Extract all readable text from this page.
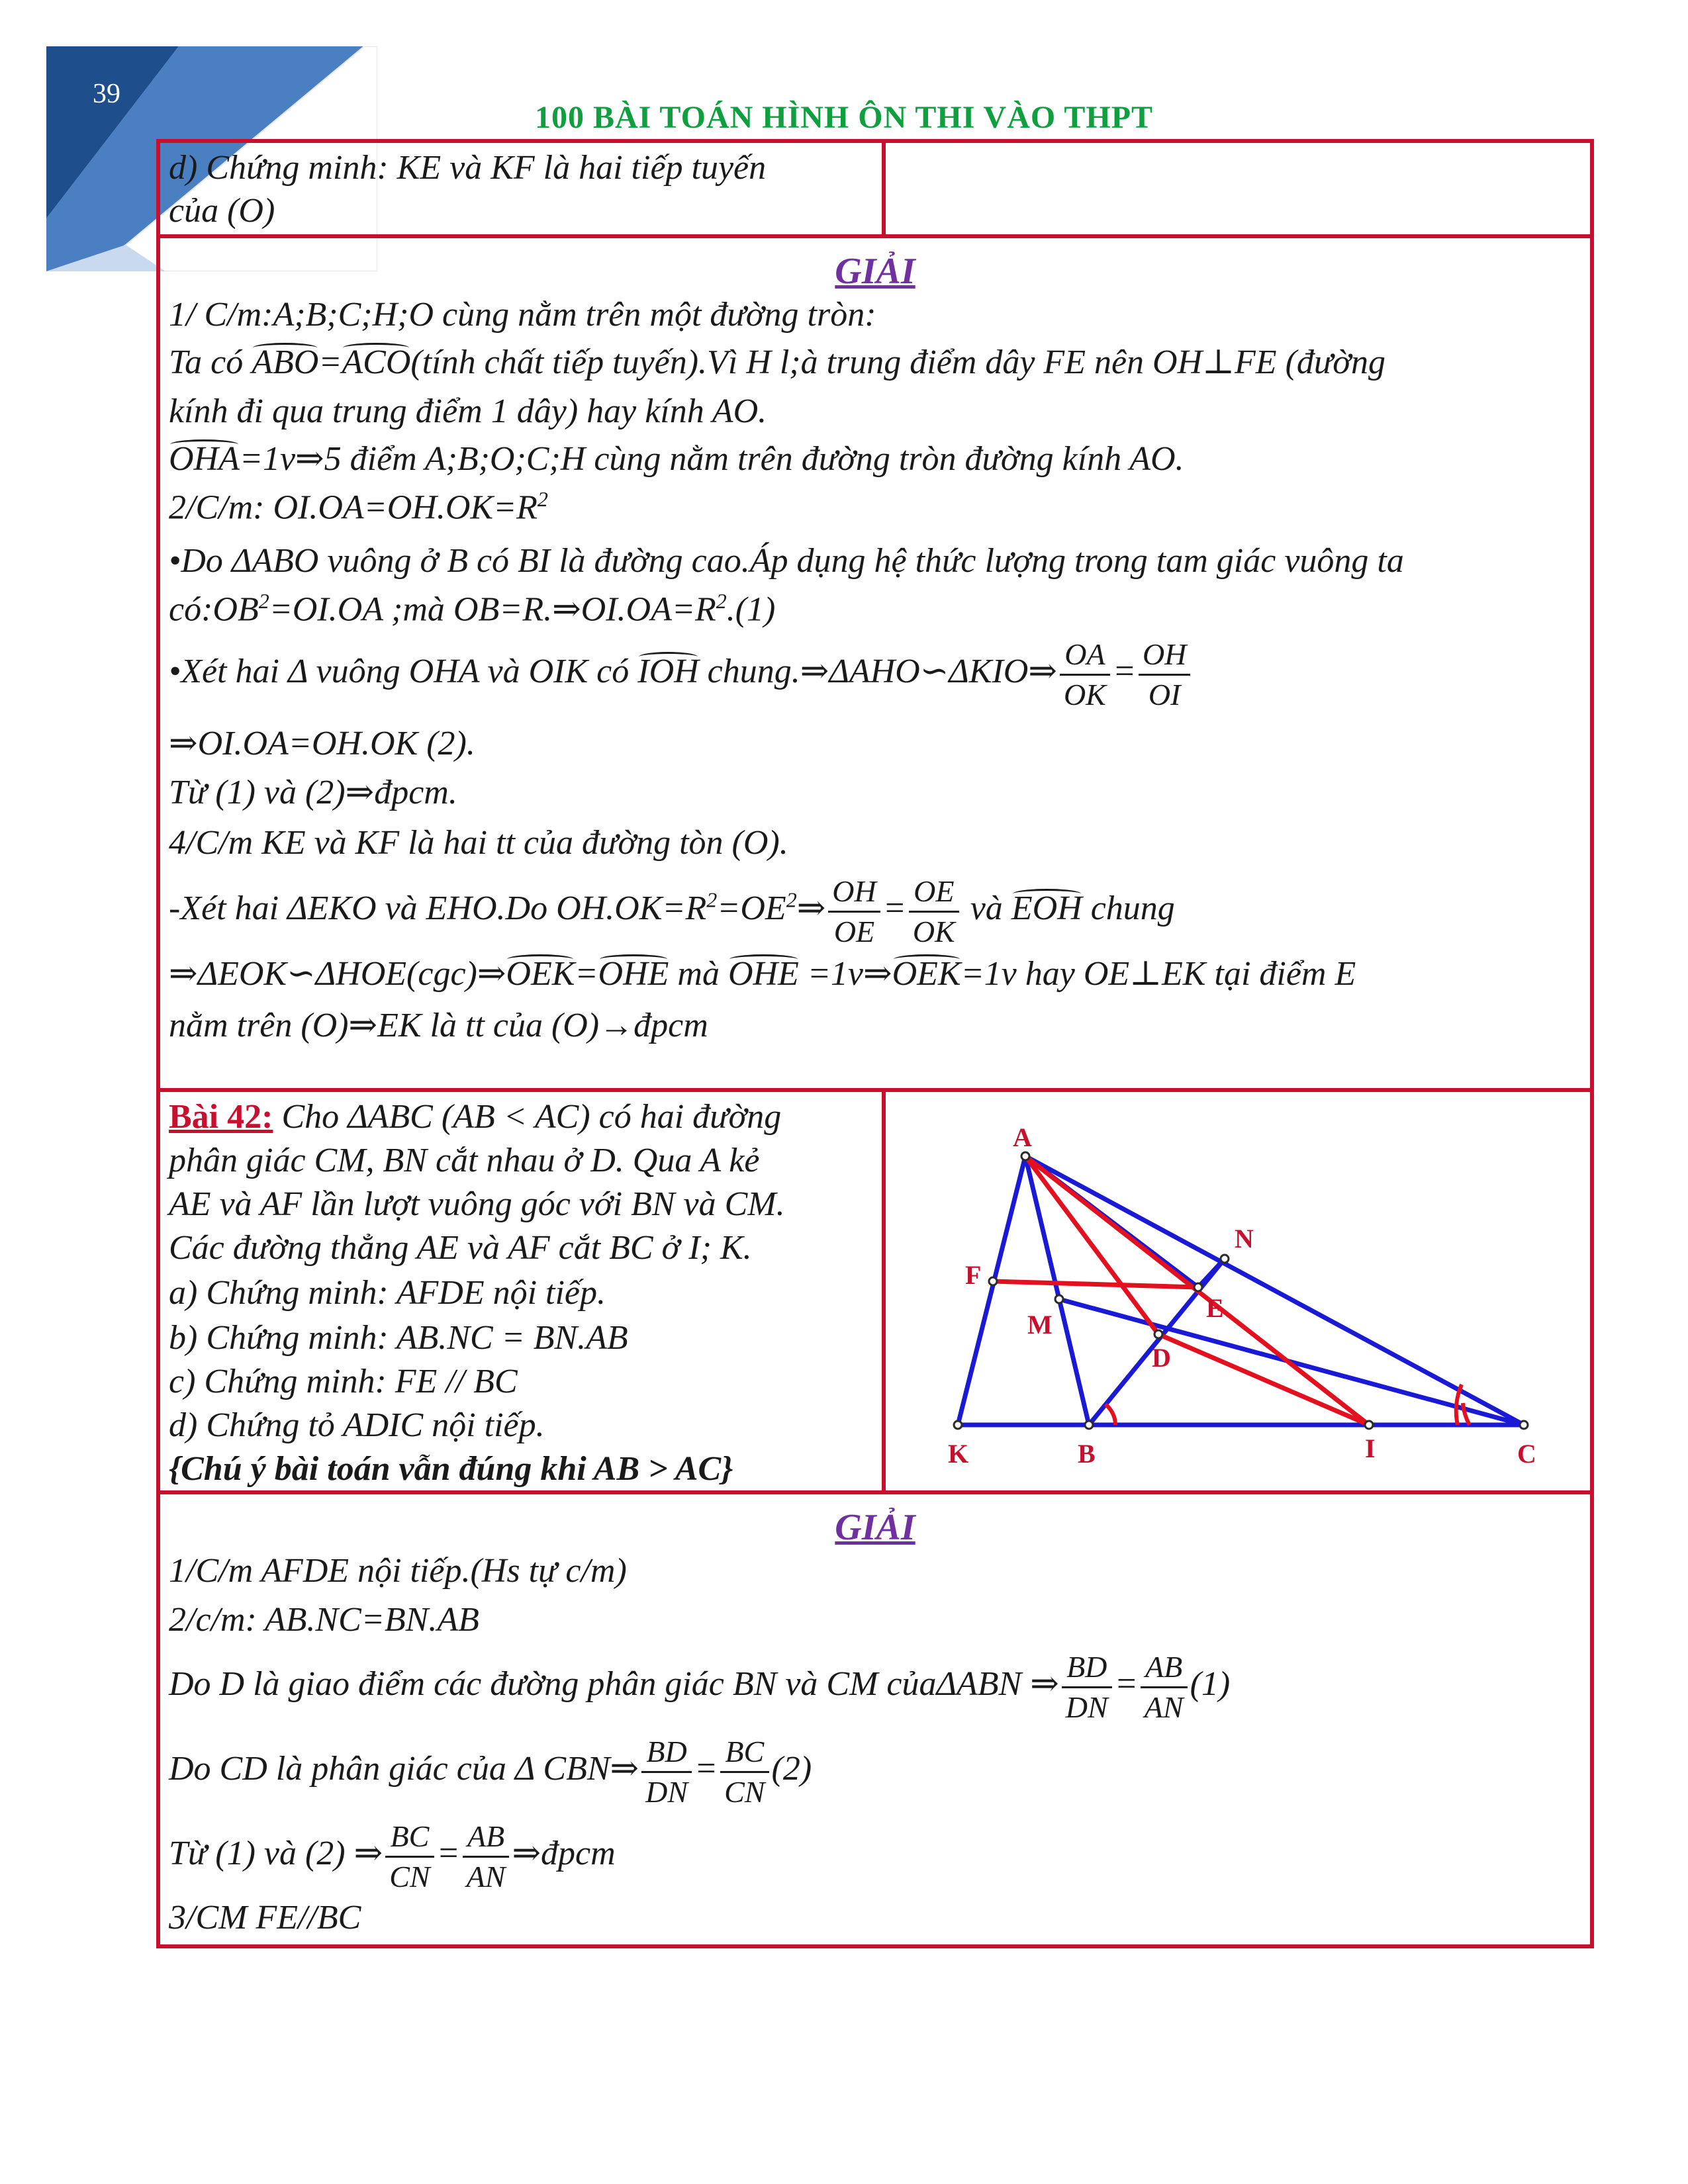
39
100 BÀI TOÁN HÌNH ÔN THI VÀO THPT
d) Chứng minh: KE và KF là hai tiếp tuyến
của (O)
GIẢI
1/ C/m:A;B;C;H;O cùng nằm trên một đường tròn:
Ta có ABO=ACO(tính chất tiếp tuyến).Vì H l;à trung điểm dây FE nên OH⊥FE (đường
kính đi qua trung điểm 1 dây) hay kính AO.
OHA=1v⇒5 điểm A;B;O;C;H cùng nằm trên đường tròn đường kính AO.
2/C/m: $OI.OA=OH.OK=R^2$
•Do ΔABO vuông ở B có BI là đường cao.Áp dụng hệ thức lượng trong tam giác vuông ta
$có:OB^2=OI.OA$ ;mà $OB=R.\Rightarrow OI.OA=R^2.(1)$
•Xét hai Δ vuông OHA và OIK có IOH chung.⇒ΔAHO∽ΔKIO⇒ $\frac{OA}{OK} = \frac{OH}{OI}$
⇒OI.OA=OH.OK (2).
Từ (1) và (2)⇒đpcm.
4/C/m KE và KF là hai tt của đường tòn (O).
-Xét hai ΔEKO và EHO.Do $OH.OK=R^2=OE^2\Rightarrow \frac{OH}{OE} = \frac{OE}{OK}$ và EOH chung
⇒ΔEOK∽ΔHOE(cgc)⇒OEK=OHE mà OHE =1v⇒OEK=1v hay OE⊥EK tại điểm E
nằm trên (O)⇒EK là tt của (O)→đpcm
Bài 42: Cho ΔABC (AB < AC) có hai đường
phân giác CM, BN cắt nhau ở D. Qua A kẻ
AE và AF lần lượt vuông góc với BN và CM.
Các đường thẳng AE và AF cắt BC ở I; K.
a) Chứng minh: AFDE nội tiếp.
b) Chứng minh: AB.NC = BN.AB
c) Chứng minh: FE // BC
d) Chứng tỏ ADIC nội tiếp.
{Chú ý bài toán vẫn đúng khi AB > AC}
A
N
F
E
M
D
K	B	I	C
GIẢI
1/C/m AFDE nội tiếp.(Hs tự c/m)
2/c/m: AB.NC=BN.AB
Do D là giao điểm các đường phân giác BN và CM củaΔABN ⇒ $\frac{BD}{DN} = \frac{AB}{AN} (1)$
Do CD là phân giác của Δ CBN⇒ $\frac{BD}{DN} = \frac{BC}{CN} (2)$
Từ (1) và (2) ⇒ $\frac{BC}{CN} = \frac{AB}{AN}$ ⇒đpcm
3/CM FE//BC
